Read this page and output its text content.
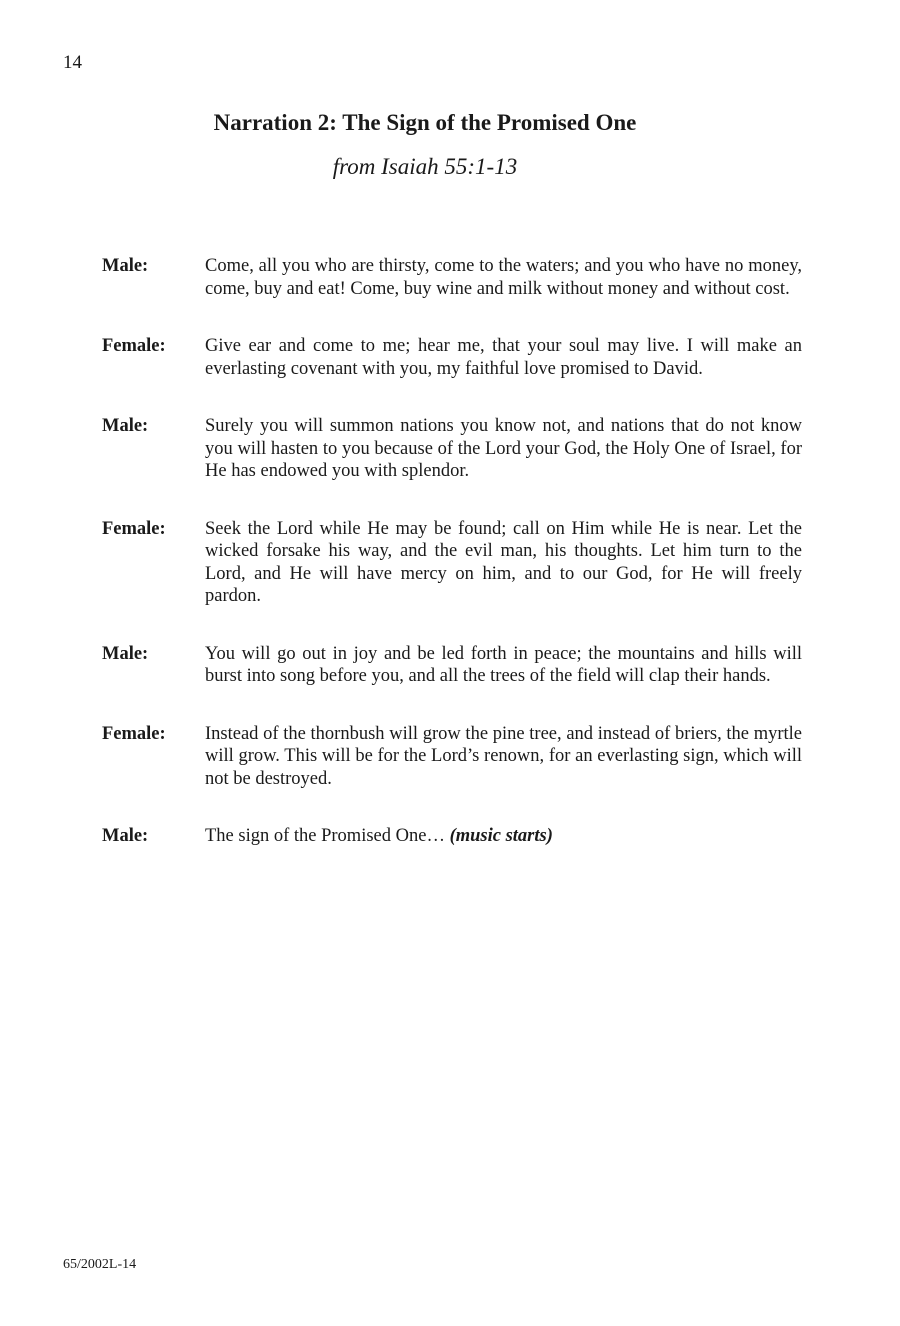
14
Narration 2: The Sign of the Promised One
from Isaiah 55:1-13
Male:	Come, all you who are thirsty, come to the waters; and you who have no money, come, buy and eat! Come, buy wine and milk without money and without cost.
Female:	Give ear and come to me; hear me, that your soul may live. I will make an everlasting covenant with you, my faithful love promised to David.
Male:	Surely you will summon nations you know not, and nations that do not know you will hasten to you because of the Lord your God, the Holy One of Israel, for He has endowed you with splendor.
Female:	Seek the Lord while He may be found; call on Him while He is near. Let the wicked forsake his way, and the evil man, his thoughts. Let him turn to the Lord, and He will have mercy on him, and to our God, for He will freely pardon.
Male:	You will go out in joy and be led forth in peace; the mountains and hills will burst into song before you, and all the trees of the field will clap their hands.
Female:	Instead of the thornbush will grow the pine tree, and instead of briers, the myrtle will grow. This will be for the Lord’s renown, for an everlasting sign, which will not be destroyed.
Male:	The sign of the Promised One… (music starts)
65/2002L-14
